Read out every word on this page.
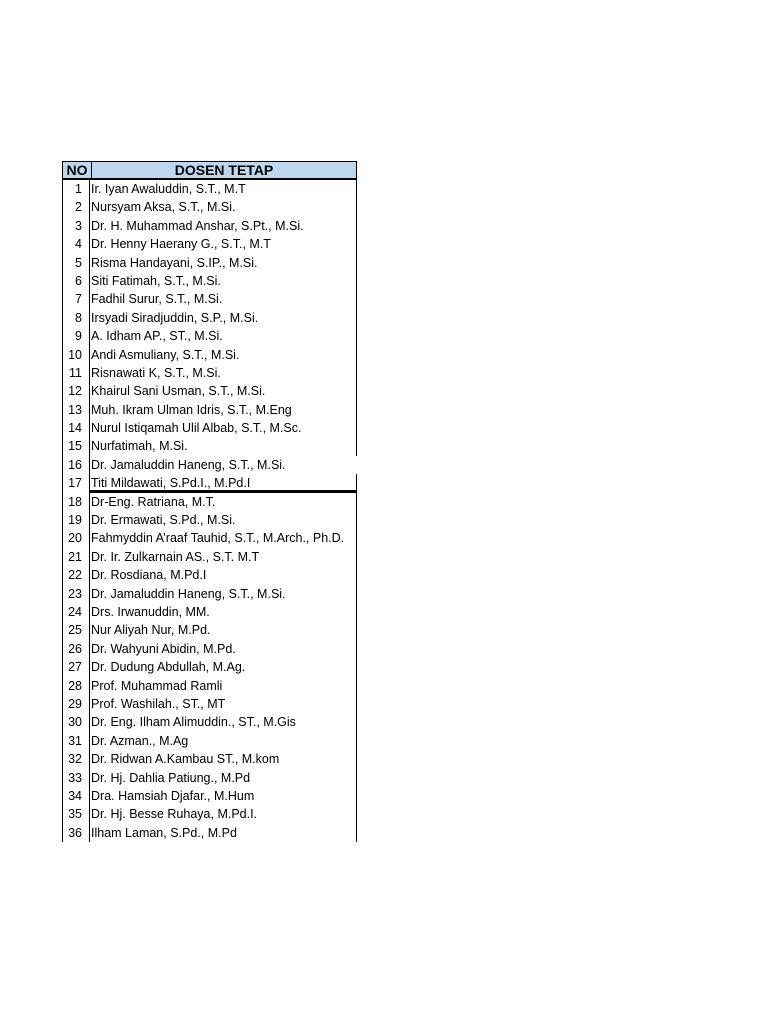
NO	DOSEN TETAP
1 Ir. Iyan Awaluddin, S.T., M.T
2 Nursyam Aksa, S.T., M.Si.
3 Dr. H. Muhammad Anshar, S.Pt., M.Si.
4 Dr. Henny Haerany G., S.T., M.T
5 Risma Handayani, S.IP., M.Si.
6 Siti Fatimah, S.T., M.Si.
7 Fadhil Surur, S.T., M.Si.
8 Irsyadi Siradjuddin, S.P., M.Si.
9 A. Idham AP., ST., M.Si.
10 Andi Asmuliany, S.T., M.Si.
11 Risnawati K, S.T., M.Si.
12 Khairul Sani Usman, S.T., M.Si.
13 Muh. Ikram Ulman Idris, S.T., M.Eng
14 Nurul Istiqamah Ulil Albab, S.T., M.Sc.
15 Nurfatimah, M.Si.
16 Dr. Jamaluddin Haneng, S.T., M.Si.
17 Titi Mildawati, S.Pd.I., M.Pd.I
18 Dr-Eng. Ratriana, M.T.
19 Dr. Ermawati, S.Pd., M.Si.
20 Fahmyddin A’raaf Tauhid, S.T., M.Arch., Ph.D.
21 Dr. Ir. Zulkarnain AS., S.T. M.T
22 Dr. Rosdiana, M.Pd.I
23 Dr. Jamaluddin Haneng, S.T., M.Si.
24 Drs. Irwanuddin, MM.
25 Nur Aliyah Nur, M.Pd.
26 Dr. Wahyuni Abidin, M.Pd.
27 Dr. Dudung Abdullah, M.Ag.
28 Prof. Muhammad Ramli
29 Prof. Washilah., ST., MT
30 Dr. Eng. Ilham Alimuddin., ST., M.Gis
31 Dr. Azman., M.Ag
32 Dr. Ridwan A.Kambau ST., M.kom
33 Dr. Hj. Dahlia Patiung., M.Pd
34 Dra. Hamsiah Djafar., M.Hum
35 Dr. Hj. Besse Ruhaya, M.Pd.I.
36 Ilham Laman, S.Pd., M.Pd
